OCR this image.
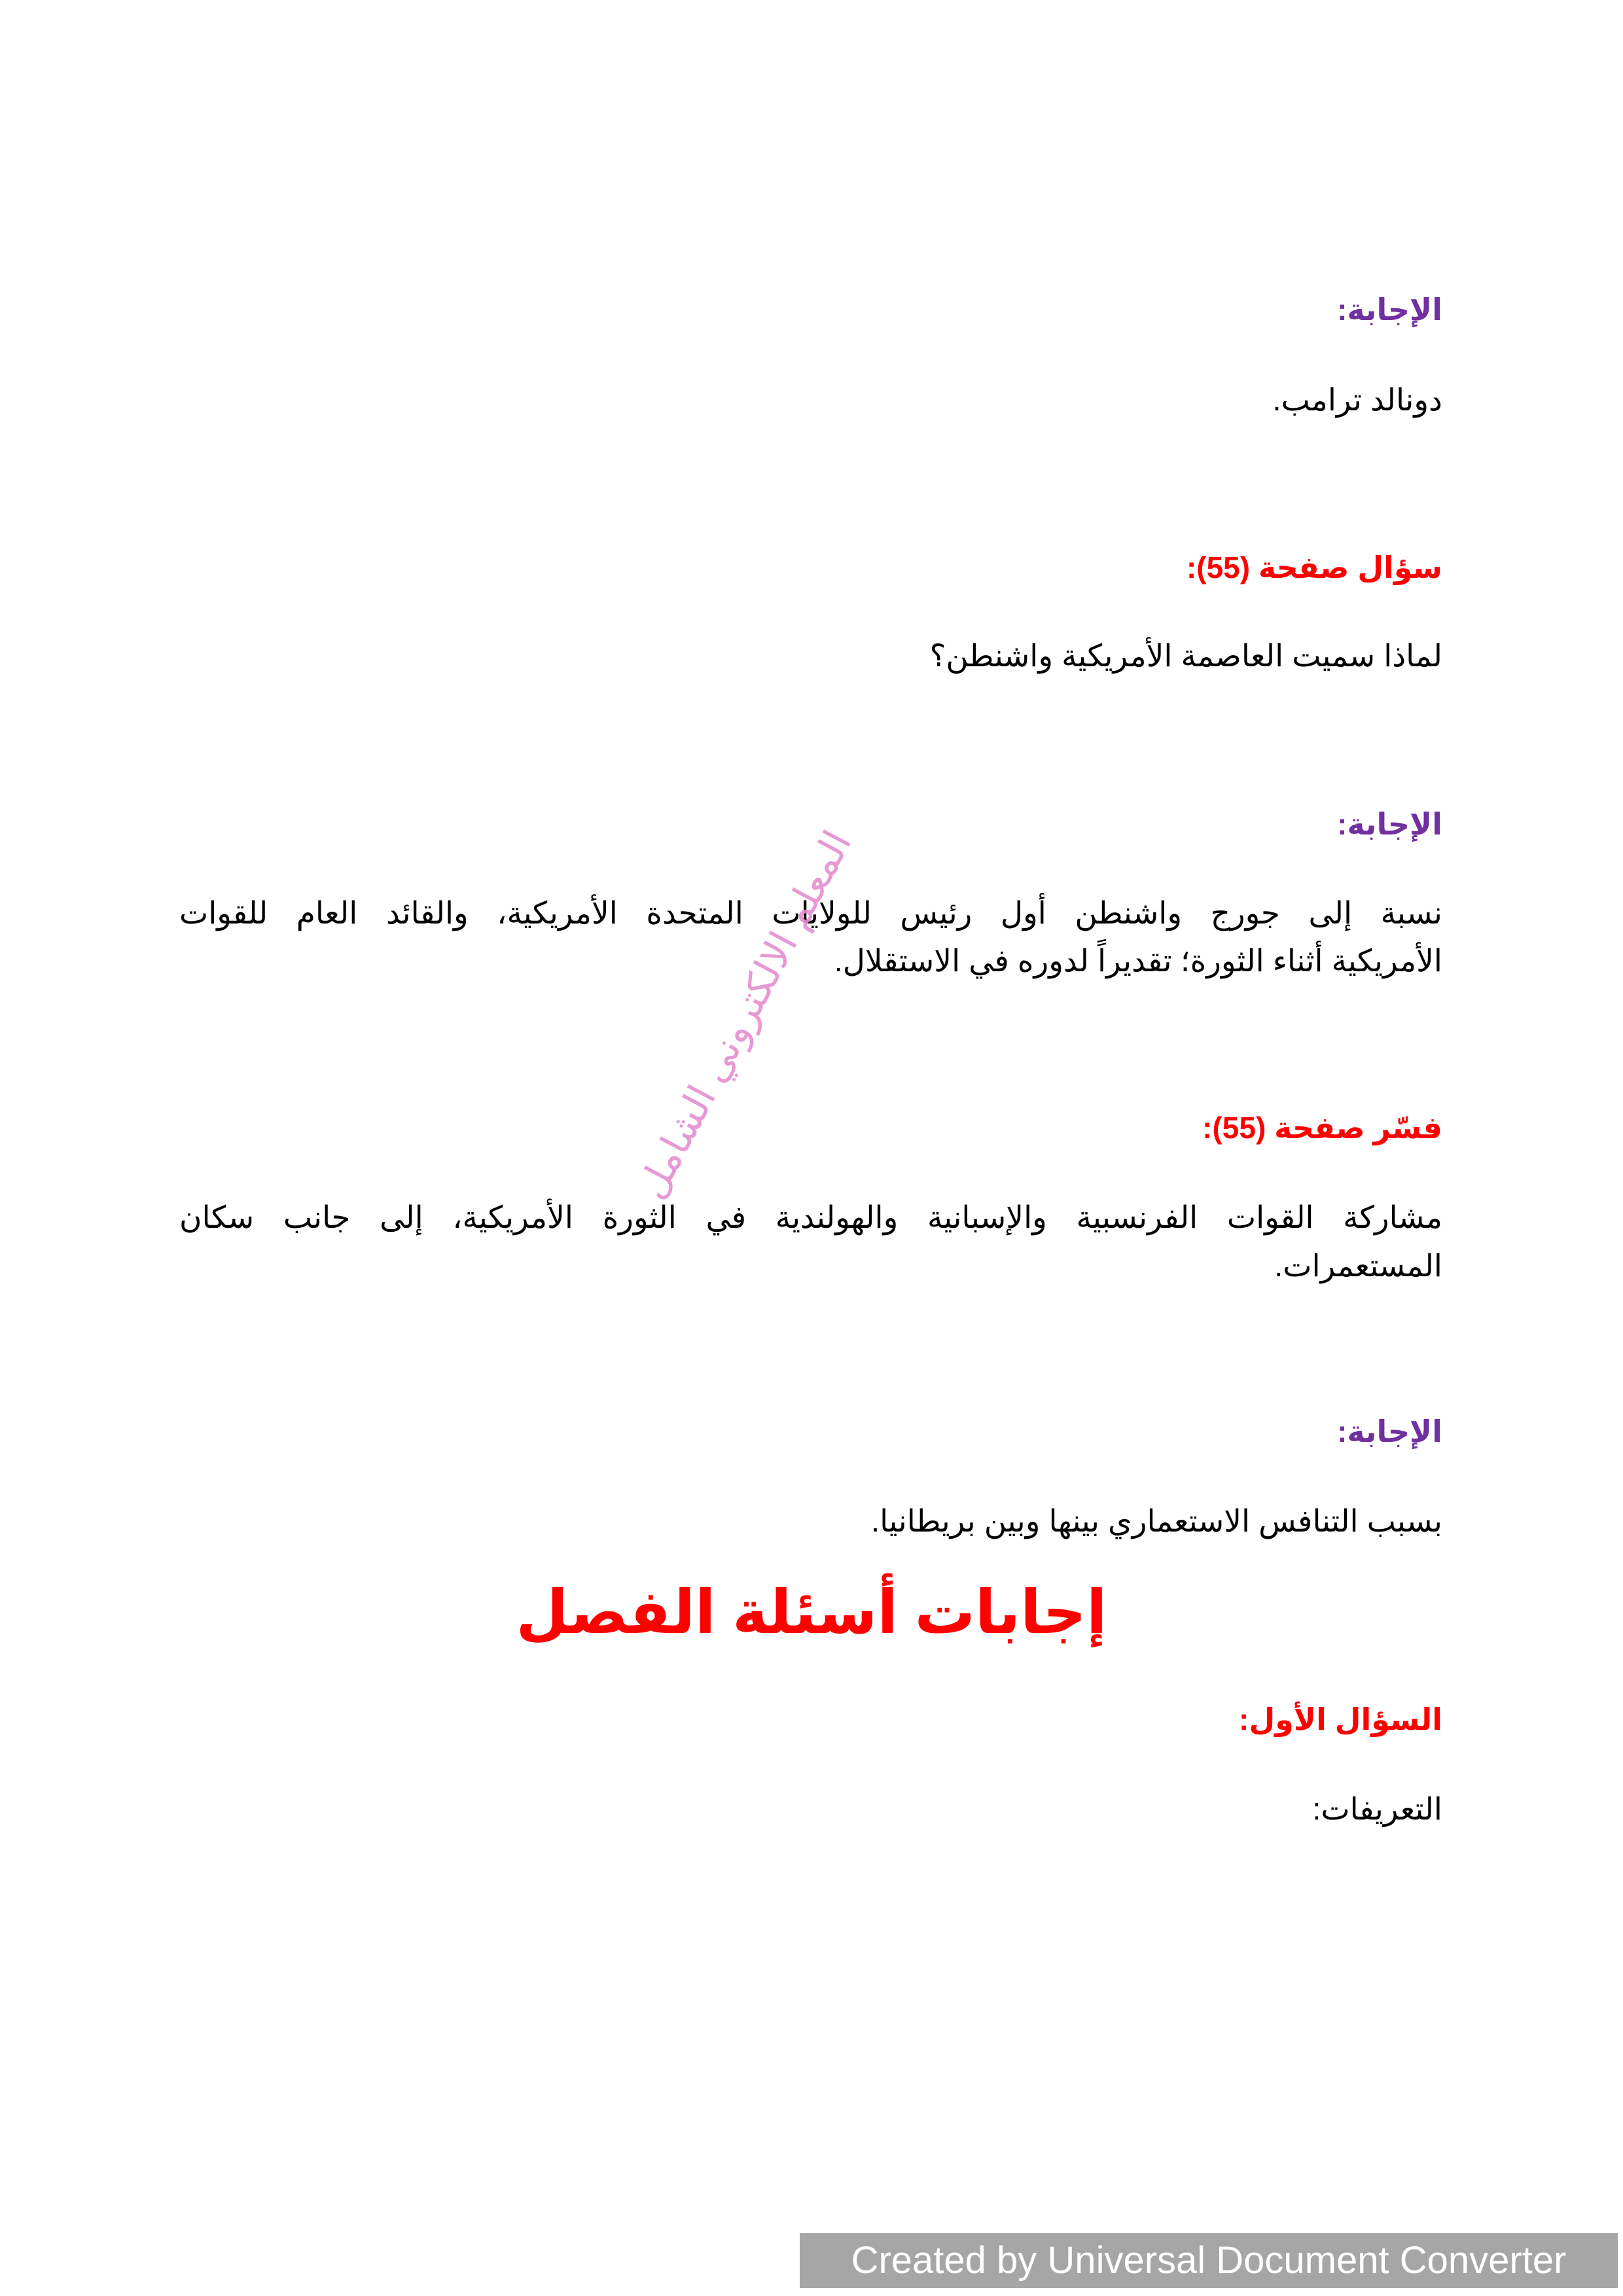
الإجابة:

دونالد ترامب.

سؤال صفحة (55):

لماذا سميت العاصمة الأمريكية واشنطن؟

الإجابة:

نسبة إلى جورج واشنطن أول رئيس للولايات المتحدة الأمريكية، والقائد العام للقوات

الأمريكية أثناء الثورة؛ تقديراً لدوره في الاستقلال.

فسّر صفحة (55):

مشاركة القوات الفرنسبية والإسبانية والهولندية في الثورة الأمريكية، إلى جانب سكان

المستعمرات.

الإجابة:

بسبب التنافس الاستعماري بينها وبين بريطانيا.

إجابات أسئلة الفصل

السؤال الأول:

التعريفات:

المعلم الالكتروني الشامل
Created by Universal Document Converter
